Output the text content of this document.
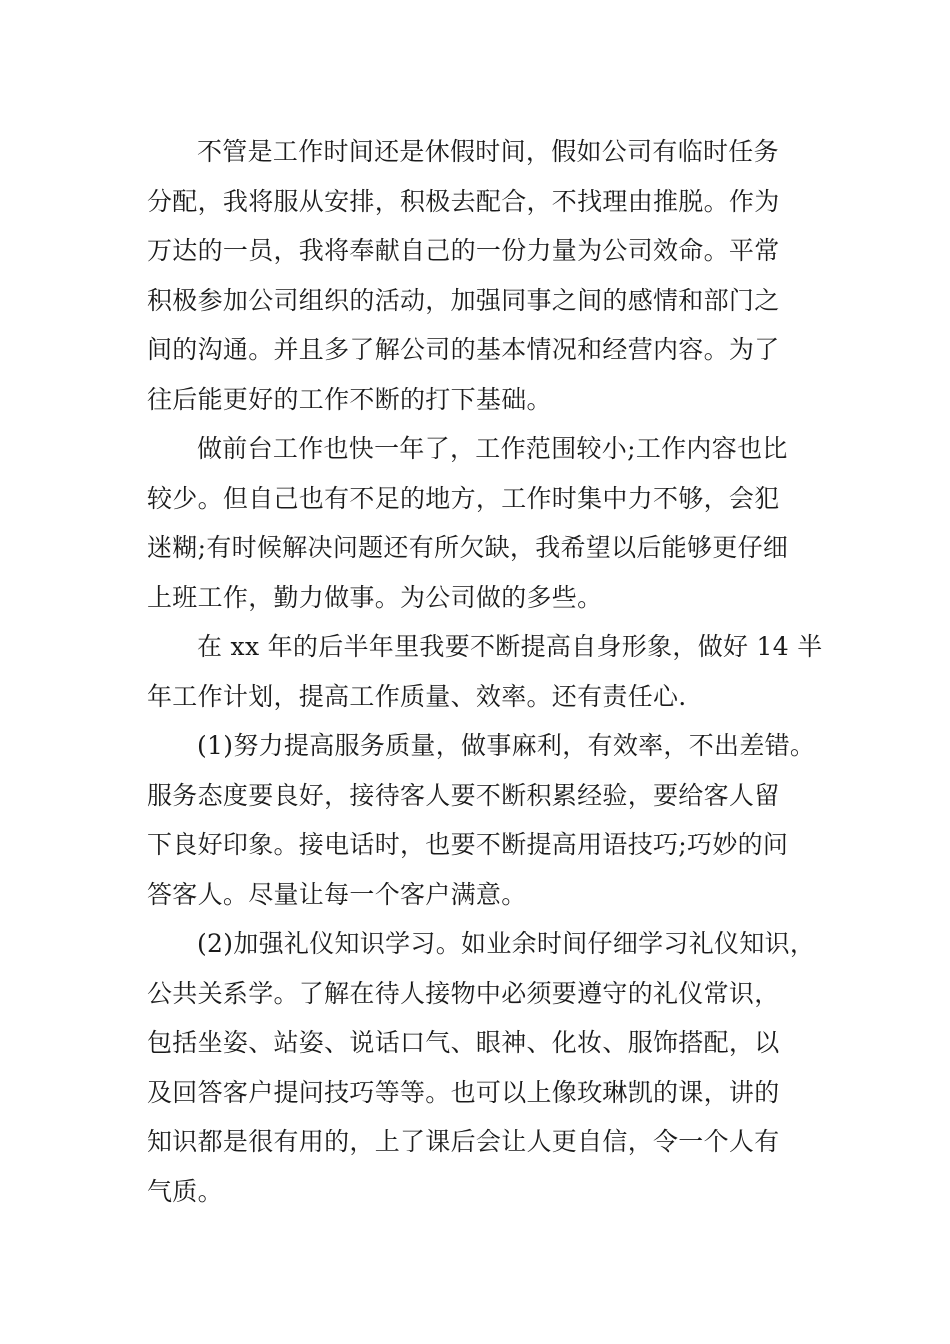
不管是工作时间还是休假时间，假如公司有临时任务
分配，我将服从安排，积极去配合，不找理由推脱。作为
万达的一员，我将奉献自己的一份力量为公司效命。平常
积极参加公司组织的活动，加强同事之间的感情和部门之
间的沟通。并且多了解公司的基本情况和经营内容。为了
往后能更好的工作不断的打下基础。

做前台工作也快一年了，工作范围较小;工作内容也比
较少。但自己也有不足的地方，工作时集中力不够，会犯
迷糊;有时候解决问题还有所欠缺，我希望以后能够更仔细
上班工作，勤力做事。为公司做的多些。

在 xx 年的后半年里我要不断提高自身形象，做好 14 半
年工作计划，提高工作质量、效率。还有责任心.

(1)努力提高服务质量，做事麻利，有效率，不出差错。
服务态度要良好，接待客人要不断积累经验，要给客人留
下良好印象。接电话时，也要不断提高用语技巧;巧妙的问
答客人。尽量让每一个客户满意。

(2)加强礼仪知识学习。如业余时间仔细学习礼仪知识，
公共关系学。了解在待人接物中必须要遵守的礼仪常识，
包括坐姿、站姿、说话口气、眼神、化妆、服饰搭配，以
及回答客户提问技巧等等。也可以上像玫琳凯的课，讲的
知识都是很有用的，上了课后会让人更自信，令一个人有
气质。
